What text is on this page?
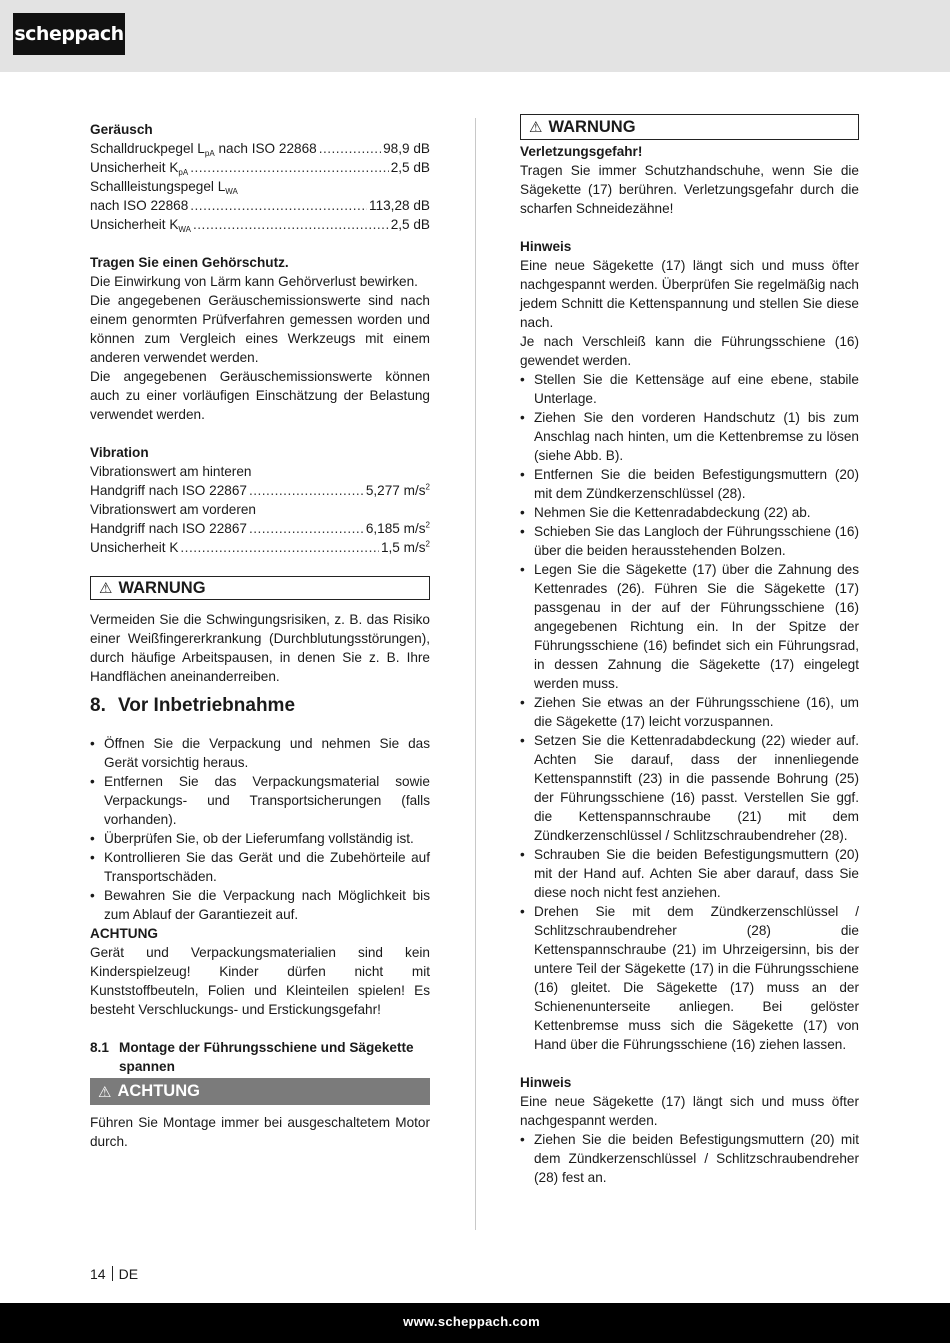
scheppach

Geräusch

Schalldruckpegel $L_{pA}$ nach ISO 22868 .....	98,9 dB
Unsicherheit $K_{pA}$ .....	2,5 dB
Schallleistungspegel $L_{WA}$
nach ISO 22868 .....	113,28 dB
Unsicherheit $K_{WA}$ .....	2,5 dB

Tragen Sie einen Gehörschutz.

Die Einwirkung von Lärm kann Gehörverlust bewirken.

Die angegebenen Geräuschemissionswerte sind nach einem genormten Prüfverfahren gemessen worden und können zum Vergleich eines Werkzeugs mit einem anderen verwendet werden.

Die angegebenen Geräuschemissionswerte können auch zu einer vorläufigen Einschätzung der Belastung verwendet werden.

Vibration

Vibrationswert am hinteren

Handgriff nach ISO 22867 .....	5,277 $m/s^2$

Vibrationswert am vorderen

Handgriff nach ISO 22867 .....	6,185 $m/s^2$
Unsicherheit K .....	1,5 $m/s^2$
⚠ WARNUNG

Vermeiden Sie die Schwingungsrisiken, z. B. das Risiko einer Weißfingererkrankung (Durchblutungsstörungen), durch häufige Arbeitspausen, in denen Sie z. B. Ihre Handflächen aneinanderreiben.

8. Vor Inbetriebnahme
• Öffnen Sie die Verpackung und nehmen Sie das Gerät vorsichtig heraus.
• Entfernen Sie das Verpackungsmaterial sowie Verpackungs- und Transportsicherungen (falls vorhanden).
• Überprüfen Sie, ob der Lieferumfang vollständig ist.
• Kontrollieren Sie das Gerät und die Zubehörteile auf Transportschäden.
• Bewahren Sie die Verpackung nach Möglichkeit bis zum Ablauf der Garantiezeit auf.

ACHTUNG

Gerät und Verpackungsmaterialien sind kein Kinderspielzeug! Kinder dürfen nicht mit Kunststoffbeuteln, Folien und Kleinteilen spielen! Es besteht Verschluckungs- und Erstickungsgefahr!

8.1 Montage der Führungsschiene und Sägekette spannen
⚠ ACHTUNG

Führen Sie Montage immer bei ausgeschaltetem Motor durch.

⚠ WARNUNG

Verletzungsgefahr!

Tragen Sie immer Schutzhandschuhe, wenn Sie die Sägekette (17) berühren. Verletzungsgefahr durch die scharfen Schneidezähne!

Hinweis

Eine neue Sägekette (17) längt sich und muss öfter nachgespannt werden. Überprüfen Sie regelmäßig nach jedem Schnitt die Kettenspannung und stellen Sie diese nach.

Je nach Verschleiß kann die Führungsschiene (16) gewendet werden.

• Stellen Sie die Kettensäge auf eine ebene, stabile Unterlage.
• Ziehen Sie den vorderen Handschutz (1) bis zum Anschlag nach hinten, um die Kettenbremse zu lösen (siehe Abb. B).
• Entfernen Sie die beiden Befestigungsmuttern (20) mit dem Zündkerzenschlüssel (28).
• Nehmen Sie die Kettenradabdeckung (22) ab.
• Schieben Sie das Langloch der Führungsschiene (16) über die beiden herausstehenden Bolzen.
• Legen Sie die Sägekette (17) über die Zahnung des Kettenrades (26). Führen Sie die Sägekette (17) passgenau in der auf der Führungsschiene (16) angegebenen Richtung ein. In der Spitze der Führungsschiene (16) befindet sich ein Führungsrad, in dessen Zahnung die Sägekette (17) eingelegt werden muss.
• Ziehen Sie etwas an der Führungsschiene (16), um die Sägekette (17) leicht vorzuspannen.
• Setzen Sie die Kettenradabdeckung (22) wieder auf. Achten Sie darauf, dass der innenliegende Kettenspannstift (23) in die passende Bohrung (25) der Führungsschiene (16) passt. Verstellen Sie ggf. die Kettenspannschraube (21) mit dem Zündkerzenschlüssel / Schlitzschraubendreher (28).
• Schrauben Sie die beiden Befestigungsmuttern (20) mit der Hand auf. Achten Sie aber darauf, dass Sie diese noch nicht fest anziehen.
• Drehen Sie mit dem Zündkerzenschlüssel / Schlitzschraubendreher (28) die Kettenspannschraube (21) im Uhrzeigersinn, bis der untere Teil der Sägekette (17) in die Führungsschiene (16) gleitet. Die Sägekette (17) muss an der Schienenunterseite anliegen. Bei gelöster Kettenbremse muss sich die Sägekette (17) von Hand über die Führungsschiene (16) ziehen lassen.

Hinweis

Eine neue Sägekette (17) längt sich und muss öfter nachgespannt werden.

• Ziehen Sie die beiden Befestigungsmuttern (20) mit dem Zündkerzenschlüssel / Schlitzschraubendreher (28) fest an.
14 DE
www.scheppach.com
